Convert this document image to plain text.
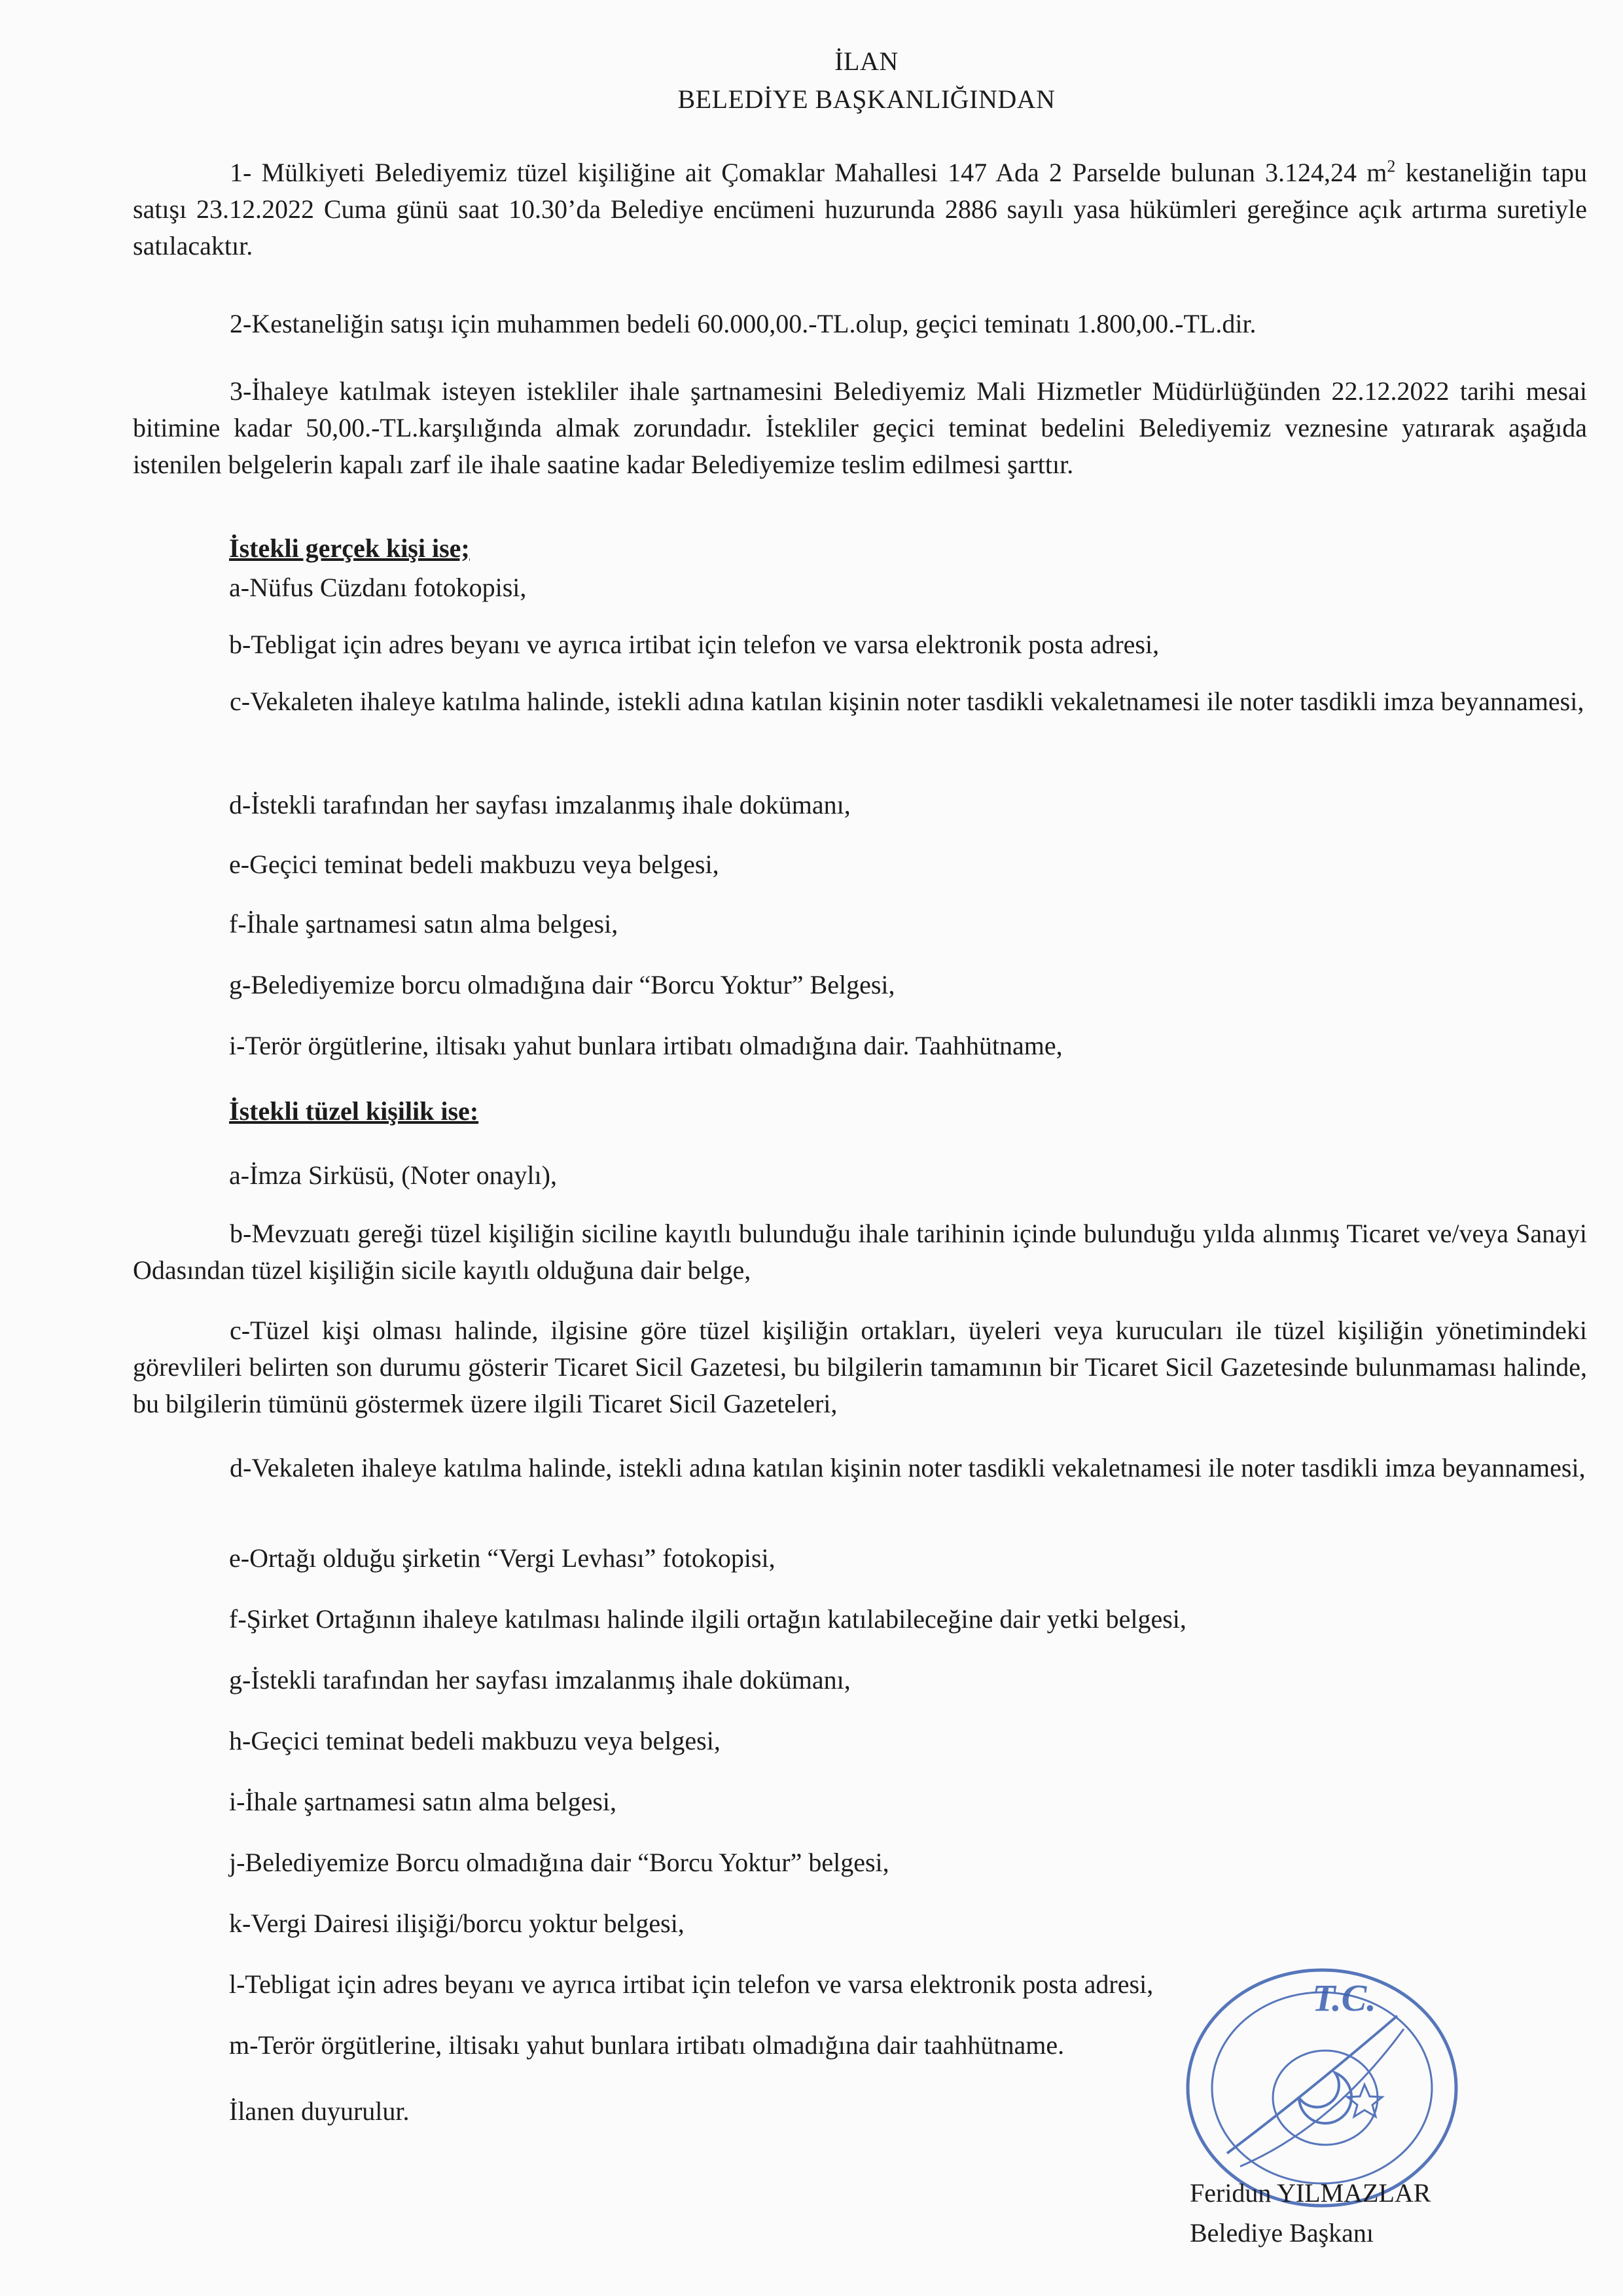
İLAN
BELEDİYE BAŞKANLIĞINDAN

1- Mülkiyeti Belediyemiz tüzel kişiliğine ait Çomaklar Mahallesi 147 Ada 2 Parselde bulunan 3.124,24 $m^2$ kestaneliğin tapu satışı 23.12.2022 Cuma günü saat 10.30’da Belediye encümeni huzurunda 2886 sayılı yasa hükümleri gereğince açık artırma suretiyle satılacaktır.

2-Kestaneliğin satışı için muhammen bedeli 60.000,00.-TL.olup, geçici teminatı 1.800,00.-TL.dir.

3-İhaleye katılmak isteyen istekliler ihale şartnamesini Belediyemiz Mali Hizmetler Müdürlüğünden 22.12.2022 tarihi mesai bitimine kadar 50,00.-TL.karşılığında almak zorundadır. İstekliler geçici teminat bedelini Belediyemiz veznesine yatırarak aşağıda istenilen belgelerin kapalı zarf ile ihale saatine kadar Belediyemize teslim edilmesi şarttır.

İstekli gerçek kişi ise;
a-Nüfus Cüzdanı fotokopisi,
b-Tebligat için adres beyanı ve ayrıca irtibat için telefon ve varsa elektronik posta adresi,

c-Vekaleten ihaleye katılma halinde, istekli adına katılan kişinin noter tasdikli vekaletnamesi ile noter tasdikli imza beyannamesi,

d-İstekli tarafından her sayfası imzalanmış ihale dokümanı,
e-Geçici teminat bedeli makbuzu veya belgesi,
f-İhale şartnamesi satın alma belgesi,
g-Belediyemize borcu olmadığına dair “Borcu Yoktur” Belgesi,
i-Terör örgütlerine, iltisakı yahut bunlara irtibatı olmadığına dair. Taahhütname,
İstekli tüzel kişilik ise:
a-İmza Sirküsü, (Noter onaylı),

b-Mevzuatı gereği tüzel kişiliğin siciline kayıtlı bulunduğu ihale tarihinin içinde bulunduğu yılda alınmış Ticaret ve/veya Sanayi Odasından tüzel kişiliğin sicile kayıtlı olduğuna dair belge,

c-Tüzel kişi olması halinde, ilgisine göre tüzel kişiliğin ortakları, üyeleri veya kurucuları ile tüzel kişiliğin yönetimindeki görevlileri belirten son durumu gösterir Ticaret Sicil Gazetesi, bu bilgilerin tamamının bir Ticaret Sicil Gazetesinde bulunmaması halinde, bu bilgilerin tümünü göstermek üzere ilgili Ticaret Sicil Gazeteleri,

d-Vekaleten ihaleye katılma halinde, istekli adına katılan kişinin noter tasdikli vekaletnamesi ile noter tasdikli imza beyannamesi,

e-Ortağı olduğu şirketin “Vergi Levhası” fotokopisi,
f-Şirket Ortağının ihaleye katılması halinde ilgili ortağın katılabileceğine dair yetki belgesi,
g-İstekli tarafından her sayfası imzalanmış ihale dokümanı,
h-Geçici teminat bedeli makbuzu veya belgesi,
i-İhale şartnamesi satın alma belgesi,
j-Belediyemize Borcu olmadığına dair “Borcu Yoktur” belgesi,
k-Vergi Dairesi ilişiği/borcu yoktur belgesi,
l-Tebligat için adres beyanı ve ayrıca irtibat için telefon ve varsa elektronik posta adresi,
m-Terör örgütlerine, iltisakı yahut bunlara irtibatı olmadığına dair taahhütname.
İlanen duyurulur.
T.C.
Feridun YILMAZLAR
Belediye Başkanı
